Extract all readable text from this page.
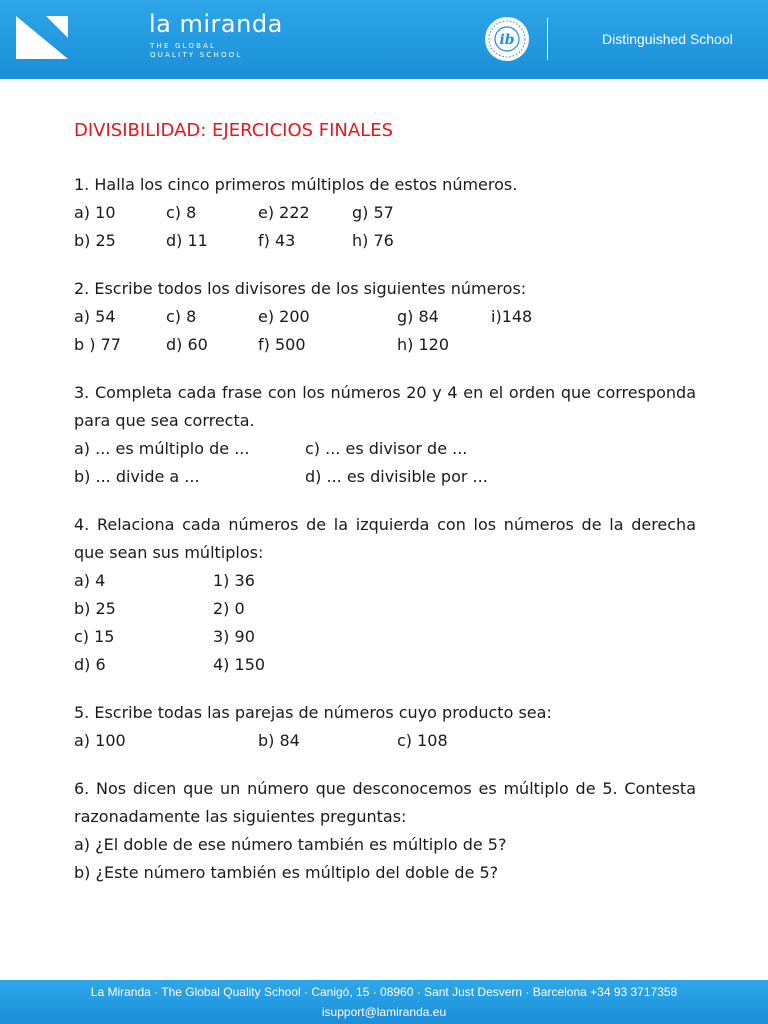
la miranda
THE GLOBAL
QUALITY SCHOOL
ib	Distinguished School
DIVISIBILIDAD: EJERCICIOS FINALES
1. Halla los cinco primeros múltiplos de estos números.
a) 10	c) 8	e) 222	g) 57
b) 25	d) 11	f) 43	h) 76
2. Escribe todos los divisores de los siguientes números:
a) 54	c) 8	e) 200	g) 84	i)148
b ) 77	d) 60	f) 500	h) 120
3. Completa cada frase con los números 20 y 4 en el orden que corresponda para que sea correcta.
a) ... es múltiplo de ...	c) ... es divisor de ...
b) ... divide a ...	d) ... es divisible por ...
4. Relaciona cada números de la izquierda con los números de la derecha que sean sus múltiplos:
a) 4	1) 36
b) 25	2) 0
c) 15	3) 90
d) 6	4) 150
5. Escribe todas las parejas de números cuyo producto sea:
a) 100	b) 84	c) 108
6. Nos dicen que un número que desconocemos es múltiplo de 5. Contesta razonadamente las siguientes preguntas:
a) ¿El doble de ese número también es múltiplo de 5?
b) ¿Este número también es múltiplo del doble de 5?
La Miranda · The Global Quality School · Canigó, 15 · 08960 · Sant Just Desvern · Barcelona +34 93 3717358
isupport@lamiranda.eu
